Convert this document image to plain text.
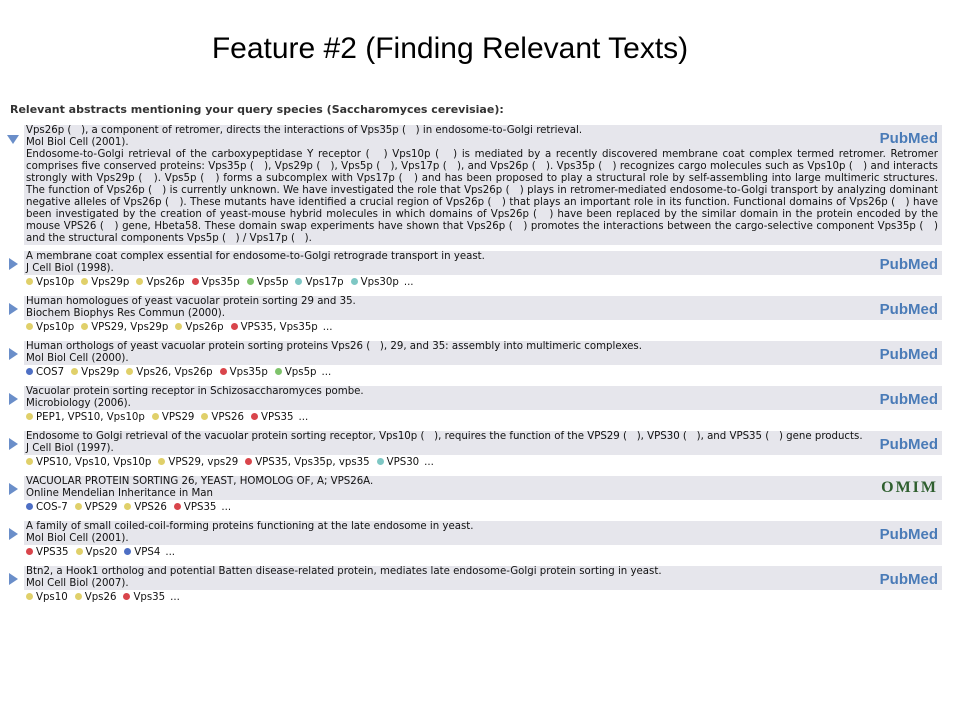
Feature #2 (Finding Relevant Texts)
Relevant abstracts mentioning your query species (Saccharomyces cerevisiae):
Vps26p (   ), a component of retromer, directs the interactions of Vps35p (   ) in endosome-to-Golgi retrieval.
Mol Biol Cell (2001).

Endosome-to-Golgi retrieval of the carboxypeptidase Y receptor (   ) Vps10p (   ) is mediated by a recently discovered membrane coat complex termed retromer. Retromer comprises five conserved proteins: Vps35p (   ), Vps29p (   ), Vps5p (   ), Vps17p (   ), and Vps26p (   ). Vps35p (   ) recognizes cargo molecules such as Vps10p (   ) and interacts strongly with Vps29p (   ). Vps5p (   ) forms a subcomplex with Vps17p (   ) and has been proposed to play a structural role by self-assembling into large multimeric structures. The function of Vps26p (   ) is currently unknown. We have investigated the role that Vps26p (   ) plays in retromer-mediated endosome-to-Golgi transport by analyzing dominant negative alleles of Vps26p (   ). These mutants have identified a crucial region of Vps26p (   ) that plays an important role in its function. Functional domains of Vps26p (   ) have been investigated by the creation of yeast-mouse hybrid molecules in which domains of Vps26p (   ) have been replaced by the similar domain in the protein encoded by the mouse VPS26 (   ) gene, Hbeta58. These domain swap experiments have shown that Vps26p (   ) promotes the interactions between the cargo-selective component Vps35p (   ) and the structural components Vps5p (   ) / Vps17p (   ).

PubMed
A membrane coat complex essential for endosome-to-Golgi retrograde transport in yeast.
J Cell Biol (1998).	PubMed
Vps10p Vps29p Vps26p Vps35p Vps5p Vps17p Vps30p ...
Human homologues of yeast vacuolar protein sorting 29 and 35.
Biochem Biophys Res Commun (2000).	PubMed
Vps10p VPS29, Vps29p Vps26p VPS35, Vps35p ...
Human orthologs of yeast vacuolar protein sorting proteins Vps26 (   ), 29, and 35: assembly into multimeric complexes.
Mol Biol Cell (2000).	PubMed
COS7 Vps29p Vps26, Vps26p Vps35p Vps5p ...
Vacuolar protein sorting receptor in Schizosaccharomyces pombe.
Microbiology (2006).	PubMed
PEP1, VPS10, Vps10p VPS29 VPS26 VPS35 ...
Endosome to Golgi retrieval of the vacuolar protein sorting receptor, Vps10p (   ), requires the function of the VPS29 (   ), VPS30 (   ), and VPS35 (   ) gene products.
J Cell Biol (1997).	PubMed
VPS10, Vps10, Vps10p VPS29, vps29 VPS35, Vps35p, vps35 VPS30 ...
VACUOLAR PROTEIN SORTING 26, YEAST, HOMOLOG OF, A; VPS26A.
Online Mendelian Inheritance in Man	OMIM
COS-7 VPS29 VPS26 VPS35 ...
A family of small coiled-coil-forming proteins functioning at the late endosome in yeast.
Mol Biol Cell (2001).	PubMed
VPS35 Vps20 VPS4 ...
Btn2, a Hook1 ortholog and potential Batten disease-related protein, mediates late endosome-Golgi protein sorting in yeast.
Mol Cell Biol (2007).	PubMed
Vps10 Vps26 Vps35 ...
